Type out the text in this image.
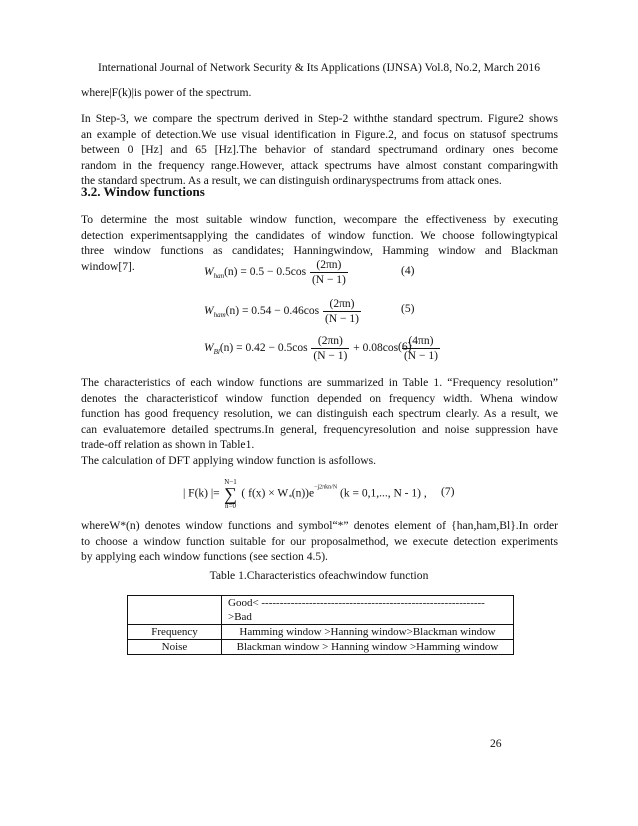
International Journal of Network Security & Its Applications (IJNSA) Vol.8, No.2, March 2016
where|F(k)|is power of the spectrum.
In Step-3, we compare the spectrum derived in Step-2 withthe standard spectrum. Figure2 shows
an example of detection.We use visual identification in Figure.2, and focus on statusof spectrums
between 0 [Hz] and 65 [Hz].The behavior of standard spectrumand ordinary ones become
random in the frequency range.However, attack spectrums have almost constant comparingwith
the standard spectrum. As a result, we can distinguish ordinaryspectrums from attack ones.
3.2. Window functions
To determine the most suitable window function, wecompare the effectiveness by executing
detection experimentsapplying the candidates of window function. We choose followingtypical
three window functions as candidates; Hanningwindow, Hamming window and Blackman
window[7].	$W_{han}(n) = 0.5 - 0.5\cos \frac{(2\pi n)}{(N - 1)}$	(4)
$W_{ham}(n) = 0.54 - 0.46\cos \frac{(2\pi n)}{(N - 1)}$	(5)
$W_{Bl}(n) = 0.42 - 0.5\cos \frac{(2\pi n)}{(N - 1)} + 0.08\cos \frac{(4\pi n)}{(N - 1)}$
(6)
The characteristics of each window functions are summarized in Table 1. “Frequency resolution”
denotes the characteristicof window function depended on frequency width. Whena window
function has good frequency resolution, we can distinguish each spectrum clearly. As a result, we
can evaluatemore detailed spectrums.In general, frequencyresolution and noise suppression have
trade-off relation as shown in Table1.
The calculation of DFT applying window function is asfollows.
| F(k) |=
N−1
∑
n=0
( $f(x) \times W_*(n))e^{-j2\pi kn/N}$ (k = 0,1,..., N - 1) , (7)
whereW*(n) denotes window functions and symbol“*” denotes element of {han,ham,Bl}.In order
to choose a window function suitable for our proposalmethod, we execute detection experiments
by applying each window functions (see section 4.5).
Table 1.Characteristics ofeachwindow function
	Good< ------------------------------------------------------------- >Bad
Frequency	Hamming window >Hanning window>Blackman window
Noise	Blackman window > Hanning window >Hamming window
26
